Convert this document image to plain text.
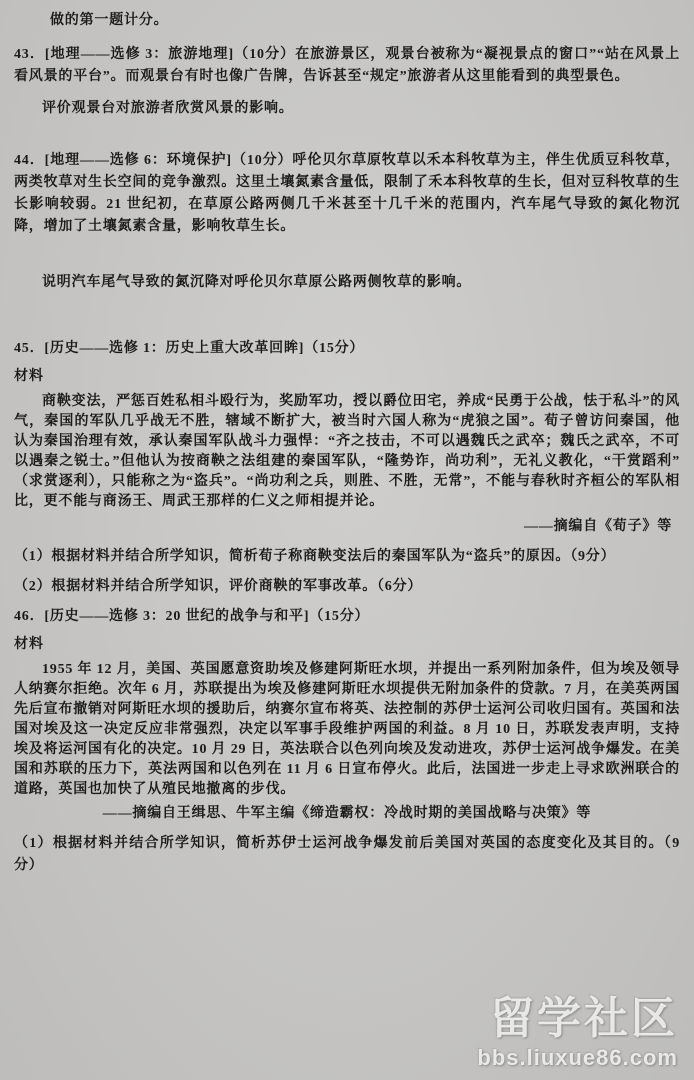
做的第一题计分。

43．[地理——选修 3：旅游地理]（10分）在旅游景区，观景台被称为“凝视景点的窗口”“站在风景上看风景的平台”。而观景台有时也像广告牌，告诉甚至“规定”旅游者从这里能看到的典型景色。

评价观景台对旅游者欣赏风景的影响。

44．[地理——选修 6：环境保护]（10分）呼伦贝尔草原牧草以禾本科牧草为主，伴生优质豆科牧草，两类牧草对生长空间的竞争激烈。这里土壤氮素含量低，限制了禾本科牧草的生长，但对豆科牧草的生长影响较弱。21 世纪初，在草原公路两侧几千米甚至十几千米的范围内，汽车尾气导致的氮化物沉降，增加了土壤氮素含量，影响牧草生长。

说明汽车尾气导致的氮沉降对呼伦贝尔草原公路两侧牧草的影响。

45．[历史——选修 1：历史上重大改革回眸]（15分）

材料

商鞅变法，严惩百姓私相斗殴行为，奖励军功，授以爵位田宅，养成“民勇于公战，怯于私斗”的风气，秦国的军队几乎战无不胜，辖域不断扩大，被当时六国人称为“虎狼之国”。荀子曾访问秦国，他认为秦国治理有效，承认秦国军队战斗力强悍：“齐之技击，不可以遇魏氏之武卒；魏氏之武卒，不可以遇秦之锐士。”但他认为按商鞅之法组建的秦国军队，“隆势诈，尚功利”，无礼义教化，“干赏蹈利”（求赏逐利），只能称之为“盗兵”。“尚功利之兵，则胜、不胜，无常”，不能与春秋时齐桓公的军队相比，更不能与商汤王、周武王那样的仁义之师相提并论。

——摘编自《荀子》等

（1）根据材料并结合所学知识，简析荀子称商鞅变法后的秦国军队为“盗兵”的原因。（9分）

（2）根据材料并结合所学知识，评价商鞅的军事改革。（6分）

46．[历史——选修 3：20 世纪的战争与和平]（15分）

材料

1955 年 12 月，美国、英国愿意资助埃及修建阿斯旺水坝，并提出一系列附加条件，但为埃及领导人纳赛尔拒绝。次年 6 月，苏联提出为埃及修建阿斯旺水坝提供无附加条件的贷款。7 月，在美英两国先后宣布撤销对阿斯旺水坝的援助后，纳赛尔宣布将英、法控制的苏伊士运河公司收归国有。英国和法国对埃及这一决定反应非常强烈，决定以军事手段维护两国的利益。8 月 10 日，苏联发表声明，支持埃及将运河国有化的决定。10 月 29 日，英法联合以色列向埃及发动进攻，苏伊士运河战争爆发。在美国和苏联的压力下，英法两国和以色列在 11 月 6 日宣布停火。此后，法国进一步走上寻求欧洲联合的道路，英国也加快了从殖民地撤离的步伐。

——摘编自王缉思、牛军主编《缔造霸权：冷战时期的美国战略与决策》等

（1）根据材料并结合所学知识，简析苏伊士运河战争爆发前后美国对英国的态度变化及其目的。（9分）

留学社区
bbs.liuxue86.com
